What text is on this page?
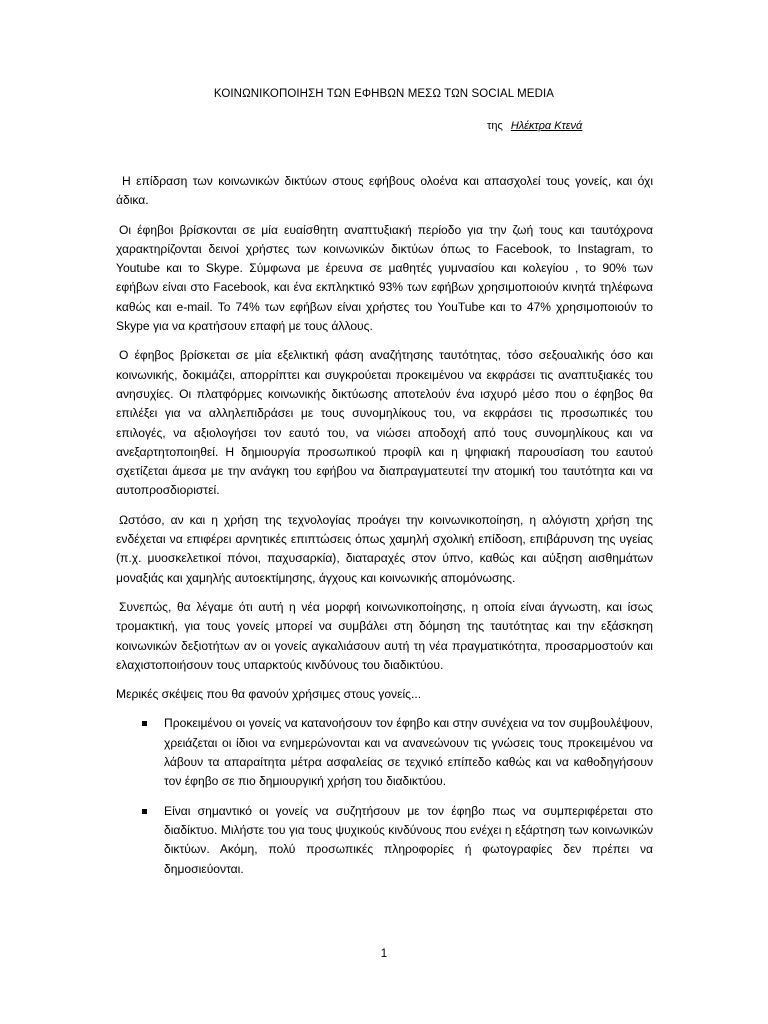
ΚΟΙΝΩΝΙΚΟΠΟΙΗΣΗ ΤΩΝ ΕΦΗΒΩΝ ΜΕΣΩ ΤΩΝ SOCIAL MEDIA
της Ηλέκτρα Κτενά

Η επίδραση των κοινωνικών δικτύων στους εφήβους ολοένα και απασχολεί τους γονείς, και όχι άδικα.

Οι έφηβοι βρίσκονται σε μία ευαίσθητη αναπτυξιακή περίοδο για την ζωή τους και ταυτόχρονα χαρακτηρίζονται δεινοί χρήστες των κοινωνικών δικτύων όπως το Facebook, το Instagram, το Youtube και το Skype. Σύμφωνα με έρευνα σε μαθητές γυμνασίου και κολεγίου , το 90% των εφήβων είναι στο Facebook, και ένα εκπληκτικό 93% των εφήβων χρησιμοποιούν κινητά τηλέφωνα καθώς και e-mail. Το 74% των εφήβων είναι χρήστες του YouTube και το 47% χρησιμοποιούν το Skype για να κρατήσουν επαφή με τους άλλους.

Ο έφηβος βρίσκεται σε μία εξελικτική φάση αναζήτησης ταυτότητας, τόσο σεξουαλικής όσο και κοινωνικής, δοκιμάζει, απορρίπτει και συγκρούεται προκειμένου να εκφράσει τις αναπτυξιακές του ανησυχίες. Οι πλατφόρμες κοινωνικής δικτύωσης αποτελούν ένα ισχυρό μέσο που ο έφηβος θα επιλέξει για να αλληλεπιδράσει με τους συνομηλίκους του, να εκφράσει τις προσωπικές του επιλογές, να αξιολογήσει τον εαυτό του, να νιώσει αποδοχή από τους συνομηλίκους και να ανεξαρτητοποιηθεί. Η δημιουργία προσωπικού προφίλ και η ψηφιακή παρουσίαση του εαυτού σχετίζεται άμεσα με την ανάγκη του εφήβου να διαπραγματευτεί την ατομική του ταυτότητα και να αυτοπροσδιοριστεί.

Ωστόσο, αν και η χρήση της τεχνολογίας προάγει την κοινωνικοποίηση, η αλόγιστη χρήση της ενδέχεται να επιφέρει αρνητικές επιπτώσεις όπως χαμηλή σχολική επίδοση, επιβάρυνση της υγείας (π.χ. μυοσκελετικοί πόνοι, παχυσαρκία), διαταραχές στον ύπνο, καθώς και αύξηση αισθημάτων μοναξιάς και χαμηλής αυτοεκτίμησης, άγχους και κοινωνικής απομόνωσης.

Συνεπώς, θα λέγαμε ότι αυτή η νέα μορφή κοινωνικοποίησης, η οποία είναι άγνωστη, και ίσως τρομακτική, για τους γονείς μπορεί να συμβάλει στη δόμηση της ταυτότητας και την εξάσκηση κοινωνικών δεξιοτήτων αν οι γονείς αγκαλιάσουν αυτή τη νέα πραγματικότητα, προσαρμοστούν και ελαχιστοποιήσουν τους υπαρκτούς κινδύνους του διαδικτύου.

Μερικές σκέψεις που θα φανούν χρήσιμες στους γονείς...

Προκειμένου οι γονείς να κατανοήσουν τον έφηβο και στην συνέχεια να τον συμβουλέψουν, χρειάζεται οι ίδιοι να ενημερώνονται και να ανανεώνουν τις γνώσεις τους προκειμένου να λάβουν τα απαραίτητα μέτρα ασφαλείας σε τεχνικό επίπεδο καθώς και να καθοδηγήσουν τον έφηβο σε πιο δημιουργική χρήση του διαδικτύου.
Είναι σημαντικό οι γονείς να συζητήσουν με τον έφηβο πως να συμπεριφέρεται στο διαδίκτυο. Μιλήστε του για τους ψυχικούς κινδύνους που ενέχει η εξάρτηση των κοινωνικών δικτύων. Ακόμη, πολύ προσωπικές πληροφορίες ή φωτογραφίες δεν πρέπει να δημοσιεύονται.
1
